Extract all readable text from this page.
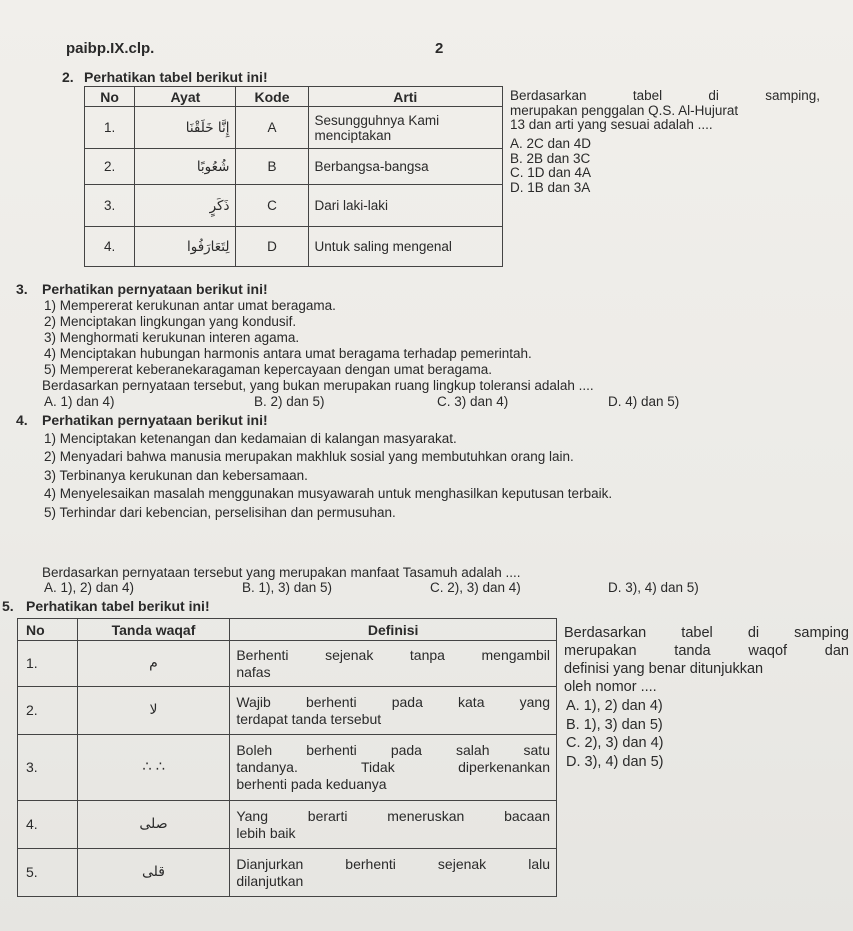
paibp.IX.clp.	2
2. Perhatikan tabel berikut ini!
No	Ayat	Kode	Arti
1.	إِنَّا خَلَقْنَا	A	Sesungguhnya Kami
menciptakan

2.	شُعُوبًا	B	Berbangsa-bangsa
3.	ذَكَرٍ	C	Dari laki-laki
4.	لِتَعَارَفُوا	D	Untuk saling mengenal
Berdasarkan tabel di samping,
merupakan penggalan Q.S. Al-Hujurat
13 dan arti yang sesuai adalah ....
A. 2C dan 4D
B. 2B dan 3C
C. 1D dan 4A
D. 1B dan 3A
3. Perhatikan pernyataan berikut ini!
1) Mempererat kerukunan antar umat beragama.
2) Menciptakan lingkungan yang kondusif.
3) Menghormati kerukunan interen agama.
4) Menciptakan hubungan harmonis antara umat beragama terhadap pemerintah.
5) Mempererat keberanekaragaman kepercayaan dengan umat beragama.
Berdasarkan pernyataan tersebut, yang bukan merupakan ruang lingkup toleransi adalah ....
A. 1) dan 4)	B. 2) dan 5)	C. 3) dan 4)	D. 4) dan 5)
4. Perhatikan pernyataan berikut ini!
1) Menciptakan ketenangan dan kedamaian di kalangan masyarakat.
2) Menyadari bahwa manusia merupakan makhluk sosial yang membutuhkan orang lain.
3) Terbinanya kerukunan dan kebersamaan.
4) Menyelesaikan masalah menggunakan musyawarah untuk menghasilkan keputusan terbaik.
5) Terhindar dari kebencian, perselisihan dan permusuhan.
Berdasarkan pernyataan tersebut yang merupakan manfaat Tasamuh adalah ....
A. 1), 2) dan 4)	B. 1), 3) dan 5)	C. 2), 3) dan 4)	D. 3), 4) dan 5)
5. Perhatikan tabel berikut ini!
No	Tanda waqaf	Definisi
1.	م	Berhenti sejenak tanpa mengambil
nafas

2.	لا	Wajib berhenti pada kata yang
terdapat tanda tersebut

3.	∴ ∴	Boleh berhenti pada salah satu
tandanya. Tidak diperkenankan
berhenti pada keduanya

4.	صلى	Yang berarti meneruskan bacaan
lebih baik

5.	قلى	Dianjurkan berhenti sejenak lalu
dilanjutkan
Berdasarkan tabel di samping
merupakan tanda waqof dan
definisi yang benar ditunjukkan
oleh nomor ....
A. 1), 2) dan 4)
B. 1), 3) dan 5)
C. 2), 3) dan 4)
D. 3), 4) dan 5)
